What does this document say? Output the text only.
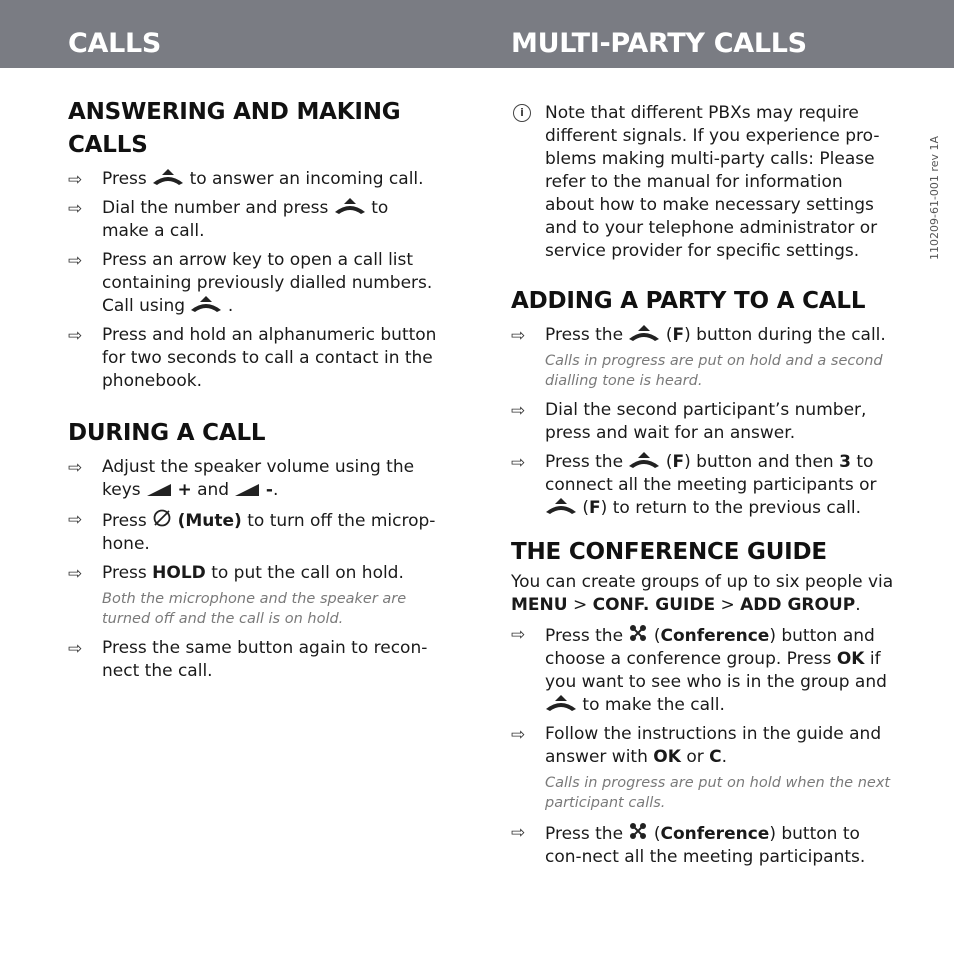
CALLS	MULTI-PARTY CALLS
ANSWERING AND MAKING CALLS
⇨ Press	to answer an incoming call.
⇨ Dial the number and press	to make a call.
⇨ Press an arrow key to open a call list containing previously dialled numbers. Call using	.
⇨ Press and hold an alphanumeric button for two seconds to call a contact in the phonebook.
DURING A CALL
⇨ Adjust the speaker volume using the keys + and -.
⇨ Press (Mute) to turn off the microp-hone.
⇨ Press HOLD to put the call on hold.
Both the microphone and the speaker are turned off and the call is on hold.
⇨ Press the same button again to recon-nect the call.
i	Note that different PBXs may require different signals. If you experience pro-blems making multi-party calls: Please refer to the manual for information about how to make necessary settings and to your telephone administrator or service provider for specific settings.
ADDING A PARTY TO A CALL
⇨ Press the  (F) button during the call.
Calls in progress are put on hold and a second dialling tone is heard.
⇨ Dial the second participant’s number, press and wait for an answer.
⇨ Press the  (F) button and then 3 to connect all the meeting participants or  (F) to return to the previous call.
THE CONFERENCE GUIDE

You can create groups of up to six people via MENU > CONF. GUIDE > ADD GROUP.

⇨ Press the  (Conference) button and choose a conference group. Press OK if you want to see who is in the group and  to make the call.
⇨ Follow the instructions in the guide and answer with OK or C.
Calls in progress are put on hold when the next participant calls.
⇨ Press the  (Conference) button to con-nect all the meeting participants.
110209-61-001 rev 1A
